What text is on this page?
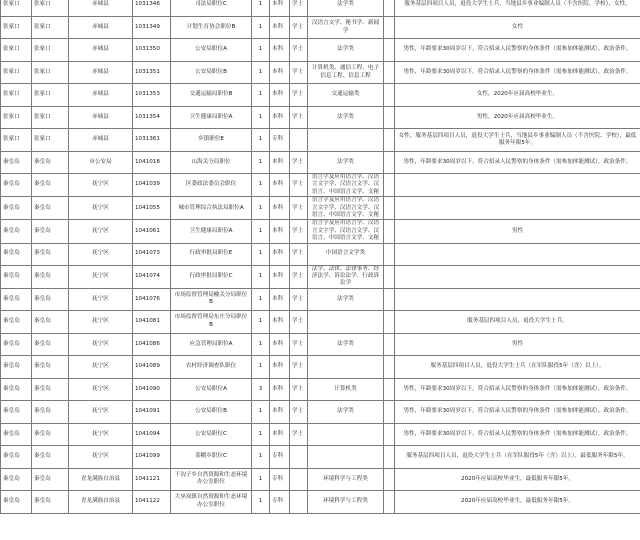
张家口	张家口	赤城县	1031346	司法局职位C	1	本科	学士	法学类		服务基层四项目人员，退役大学生士兵，当地县乡事业编制人员（不含医院、学校），女性。
张家口	张家口	赤城县	1031349	计划生育协会职位B	1	本科	学士	汉语言文学、秘书学、新闻学		女性
张家口	张家口	赤城县	1031350	公安局职位A	1	本科	学士	法学类		男性，年龄要求30周岁以下，符合招录人民警察的身体条件（需参加体能测试），政治条件。
张家口	张家口	赤城县	1031351	公安局职位B	1	本科	学士	计算机类、通信工程、电子信息工程、信息工程		男性，年龄要求30周岁以下，符合招录人民警察的身体条件（需参加体能测试），政治条件。
张家口	张家口	赤城县	1031353	交通运输局职位B	1	本科	学士	交通运输类		女性，2020年应届高校毕业生。
张家口	张家口	赤城县	1031354	卫生健康局职位A	1	本科	学士	法学类		男性，2020年应届高校毕业生。
张家口	张家口	赤城县	1031361	乡镇职位E	1	专科				女性，服务基层四项目人员，退役大学生士兵，当地县乡事业编制人员（不含医院、学校），最低服务年限5年。
秦皇岛	秦皇岛	市公安局	1041018	山海关分局职位	1	本科	学士	法学类		男性，年龄要求30周岁以下，符合招录人民警察的身体条件（需参加体能测试），政治条件。
秦皇岛	秦皇岛	抚宁区	1041039	区委政法委员会职位	1	本科	学士	语言学及应用语言学、汉语言文字学、汉语言文学、汉语言、中国语言文学、文秘		
秦皇岛	秦皇岛	抚宁区	1041055	城市管理综合执法局职位A	1	本科	学士	语言学及应用语言学、汉语言文字学、汉语言文学、汉语言、中国语言文学、文秘		
秦皇岛	秦皇岛	抚宁区	1041061	卫生健康局职位A	1	本科	学士	语言学及应用语言学、汉语言文字学、汉语言文学、汉语言、中国语言文学、文秘		男性
秦皇岛	秦皇岛	抚宁区	1041073	行政审批局职位E	1	本科	学士	中国语言文学类		
秦皇岛	秦皇岛	抚宁区	1041074	行政审批局职位C	1	本科	学士	法学、法律、法律事务、经济法学、诉讼法学、行政诉讼学		
秦皇岛	秦皇岛	抚宁区	1041076	市场监督管理局榆关分局职位B	1	本科	学士	法学类		
秦皇岛	秦皇岛	抚宁区	1041081	市场监督管理局东庄分局职位B	1	本科	学士			服务基层四项目人员，退役大学生士兵。
秦皇岛	秦皇岛	抚宁区	1041086	应急管理局职位A	1	本科	学士	法学类		男性
秦皇岛	秦皇岛	抚宁区	1041089	农村经济调查队职位	1	本科	学士			服务基层四项目人员，退役大学生士兵（在军队服役5年（含）以上）。
秦皇岛	秦皇岛	抚宁区	1041090	公安局职位A	3	本科	学士	计算机类		男性，年龄要求30周岁以下，符合招录人民警察的身体条件（需参加体能测试），政治条件。
秦皇岛	秦皇岛	抚宁区	1041091	公安局职位B	1	本科	学士	法学类		男性，年龄要求30周岁以下，符合招录人民警察的身体条件（需参加体能测试），政治条件。
秦皇岛	秦皇岛	抚宁区	1041094	公安局职位C	1	本科	学士			男性，年龄要求30周岁以下，符合招录人民警察的身体条件（需参加体能测试），政治条件。
秦皇岛	秦皇岛	抚宁区	1041099	茶棚乡职位C	1	专科				服务基层四项目人员，退役大学生士兵（在军队服役5年（含）以上），最低服务年限5年。
秦皇岛	秦皇岛	青龙满族自治县	1041121	干沟子乡自然资源和生态环境办公室职位	1	专科		环境科学与工程类		2020年应届高校毕业生，最低服务年限5年。
秦皇岛	秦皇岛	青龙满族自治县	1041122	大巫岚镇自然资源和生态环境办公室职位	1	专科		环境科学与工程类		2020年应届高校毕业生，最低服务年限5年。
